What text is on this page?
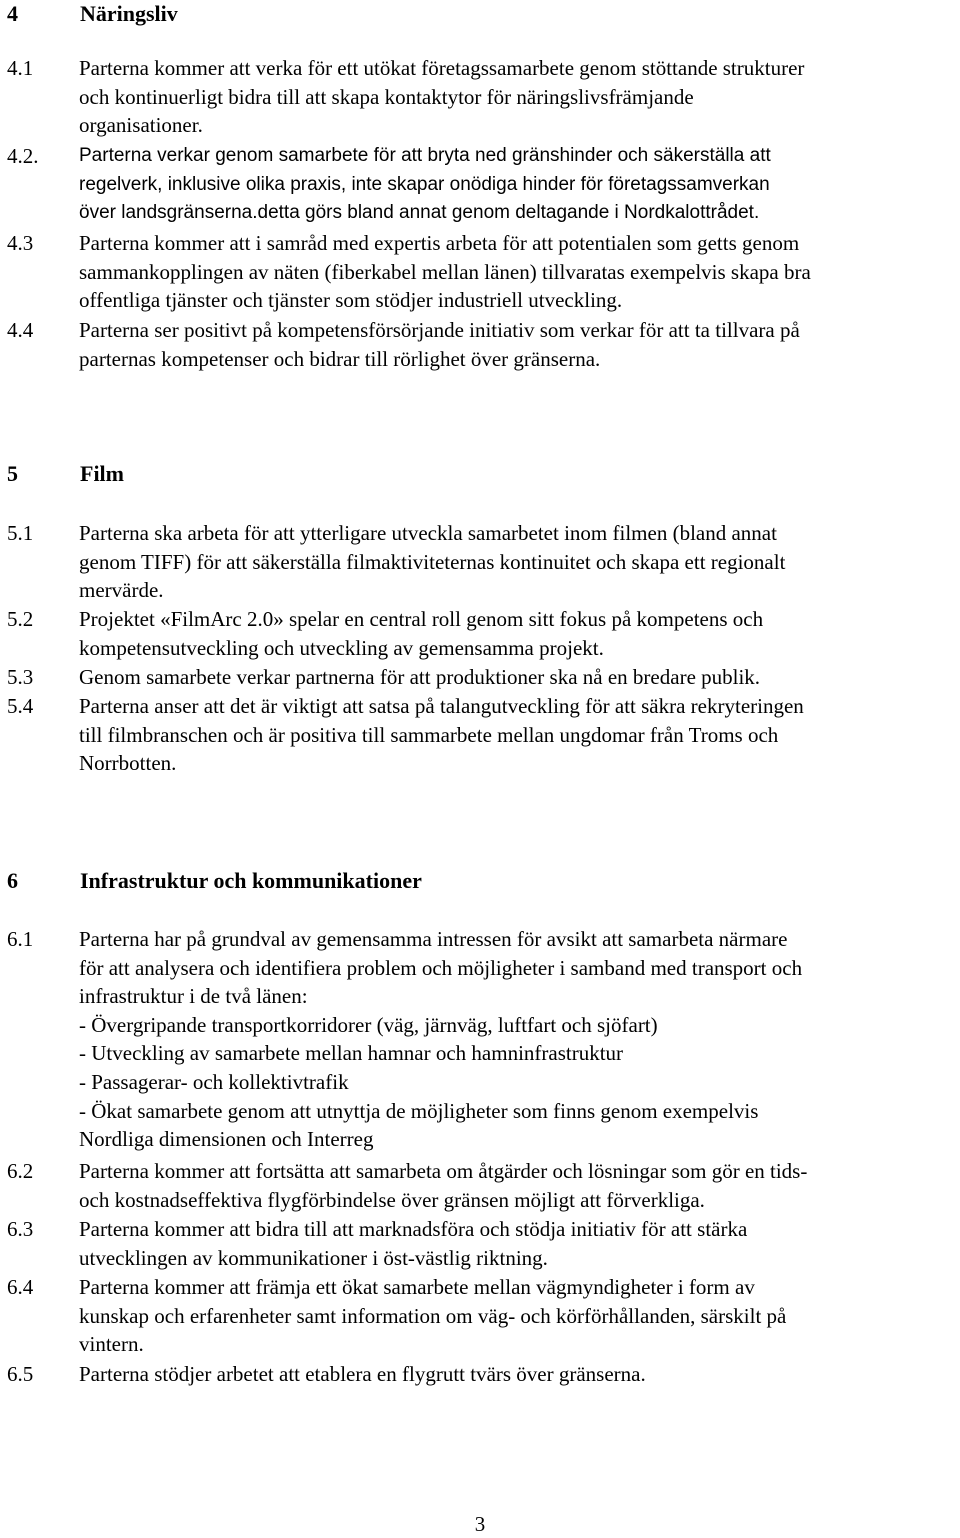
4	Näringsliv
4.1	Parterna kommer att verka för ett utökat företagssamarbete genom stöttande strukturer
och kontinuerligt bidra till att skapa kontaktytor för näringslivsfrämjande
organisationer.
4.2.	Parterna verkar genom samarbete för att bryta ned gränshinder och säkerställa att
regelverk, inklusive olika praxis, inte skapar onödiga hinder för företagssamverkan
över landsgränserna.detta görs bland annat genom deltagande i Nordkalottrådet.
4.3	Parterna kommer att i samråd med expertis arbeta för att potentialen som getts genom
sammankopplingen av näten (fiberkabel mellan länen) tillvaratas exempelvis skapa bra
offentliga tjänster och tjänster som stödjer industriell utveckling.
4.4	Parterna ser positivt på kompetensförsörjande initiativ som verkar för att ta tillvara på
parternas kompetenser och bidrar till rörlighet över gränserna.
5	Film
5.1	Parterna ska arbeta för att ytterligare utveckla samarbetet inom filmen (bland annat
genom TIFF) för att säkerställa filmaktiviteternas kontinuitet och skapa ett regionalt
mervärde.
5.2	Projektet «FilmArc 2.0» spelar en central roll genom sitt fokus på kompetens och
kompetensutveckling och utveckling av gemensamma projekt.
5.3	Genom samarbete verkar partnerna för att produktioner ska nå en bredare publik.
5.4	Parterna anser att det är viktigt att satsa på talangutveckling för att säkra rekryteringen
till filmbranschen och är positiva till sammarbete mellan ungdomar från Troms och
Norrbotten.
6	Infrastruktur och kommunikationer
6.1	Parterna har på grundval av gemensamma intressen för avsikt att samarbeta närmare
för att analysera och identifiera problem och möjligheter i samband med transport och
infrastruktur i de två länen:
- Övergripande transportkorridorer (väg, järnväg, luftfart och sjöfart)
- Utveckling av samarbete mellan hamnar och hamninfrastruktur
- Passagerar- och kollektivtrafik
- Ökat samarbete genom att utnyttja de möjligheter som finns genom exempelvis
Nordliga dimensionen och Interreg
6.2	Parterna kommer att fortsätta att samarbeta om åtgärder och lösningar som gör en tids-
och kostnadseffektiva flygförbindelse över gränsen möjligt att förverkliga.
6.3	Parterna kommer att bidra till att marknadsföra och stödja initiativ för att stärka
utvecklingen av kommunikationer i öst-västlig riktning.
6.4	Parterna kommer att främja ett ökat samarbete mellan vägmyndigheter i form av
kunskap och erfarenheter samt information om väg- och körförhållanden, särskilt på
vintern.
6.5	Parterna stödjer arbetet att etablera en flygrutt tvärs över gränserna.
3
